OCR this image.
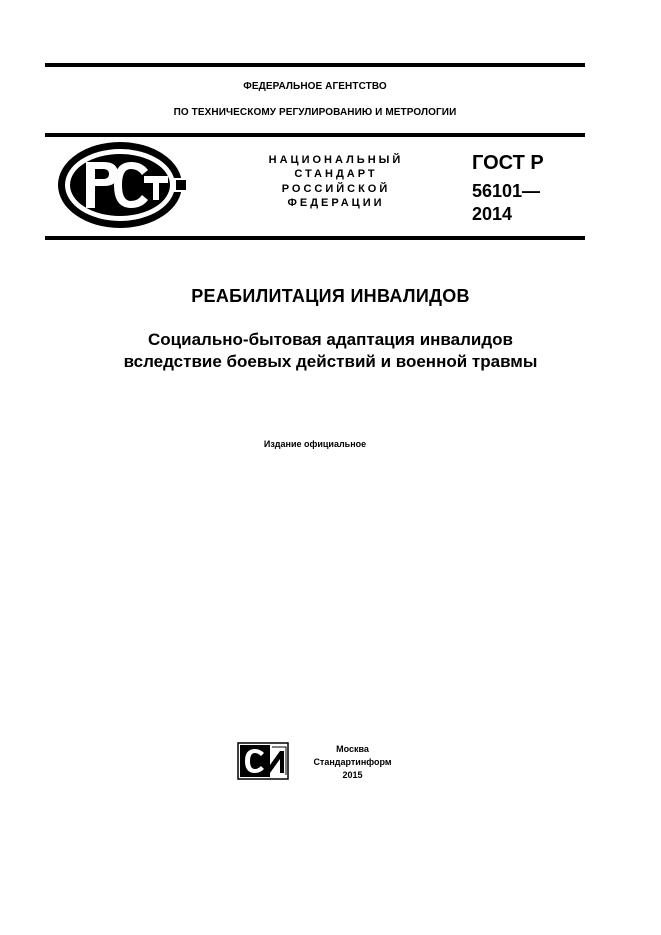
ФЕДЕРАЛЬНОЕ АГЕНТСТВО
ПО ТЕХНИЧЕСКОМУ РЕГУЛИРОВАНИЮ И МЕТРОЛОГИИ
НАЦИОНАЛЬНЫЙ
СТАНДАРТ
РОССИЙСКОЙ
ФЕДЕРАЦИИ
ГОСТ Р
56101—
2014
РЕАБИЛИТАЦИЯ ИНВАЛИДОВ
Социально-бытовая адаптация инвалидов
вследствие боевых действий и военной травмы
Издание официальное
Москва
Стандартинформ
2015
